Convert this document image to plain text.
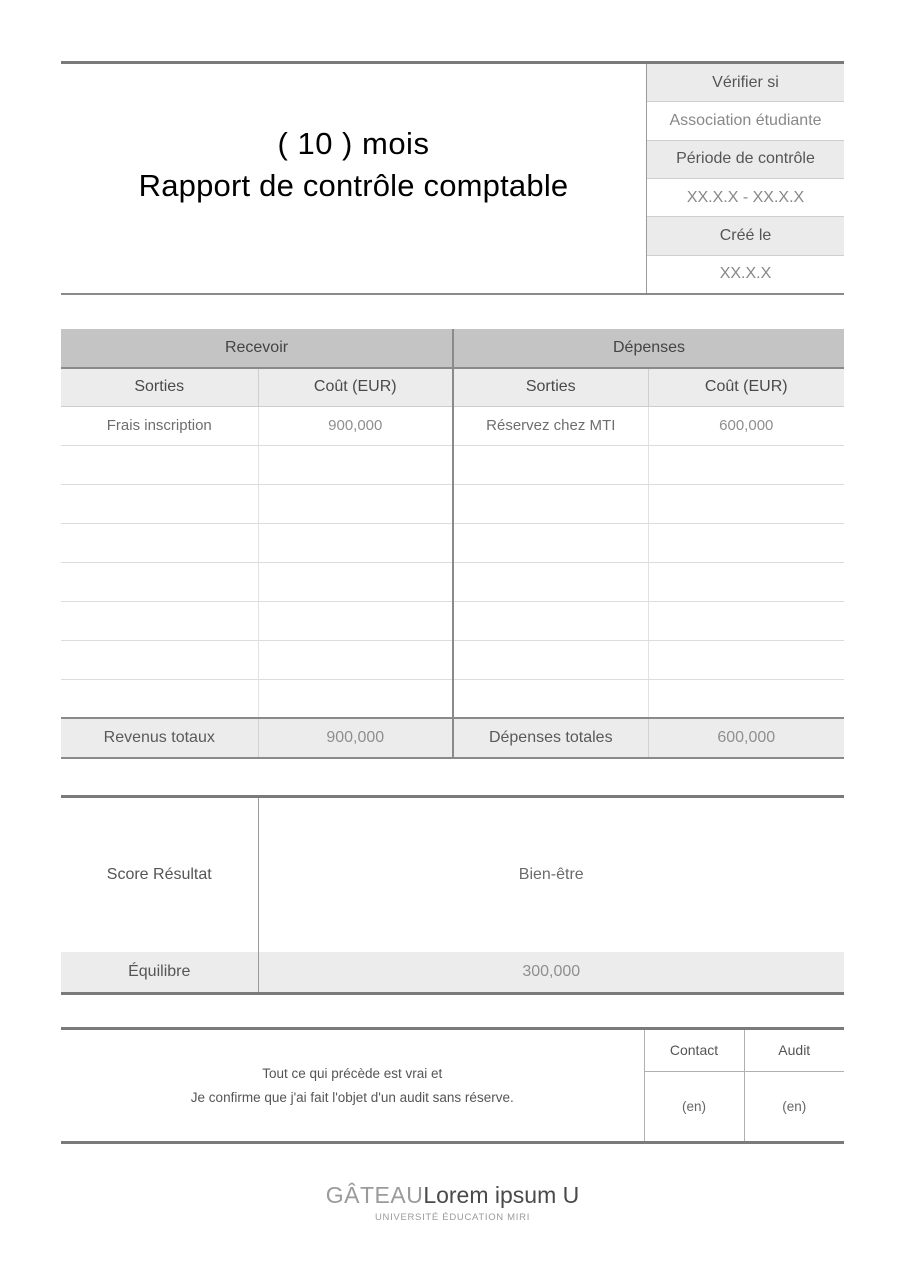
( 10 ) mois
Rapport de contrôle comptable
Vérifier si
Association étudiante
Période de contrôle
XX.X.X - XX.X.X
Créé le
XX.X.X
Recevoir		Dépenses	
Sorties	Coût (EUR)	Sorties	Coût (EUR)
Frais inscription	900,000	Réservez chez MTI	600,000

Revenus totaux	900,000	Dépenses totales	600,000
Score Résultat	Bien-être
Équilibre	300,000
Tout ce qui précède est vrai et
Je confirme que j'ai fait l'objet d'un audit sans réserve.	Contact	Audit
	(en)	(en)
GÂTEAULorem ipsum U
UNIVERSITÉ ÉDUCATION MIRI
